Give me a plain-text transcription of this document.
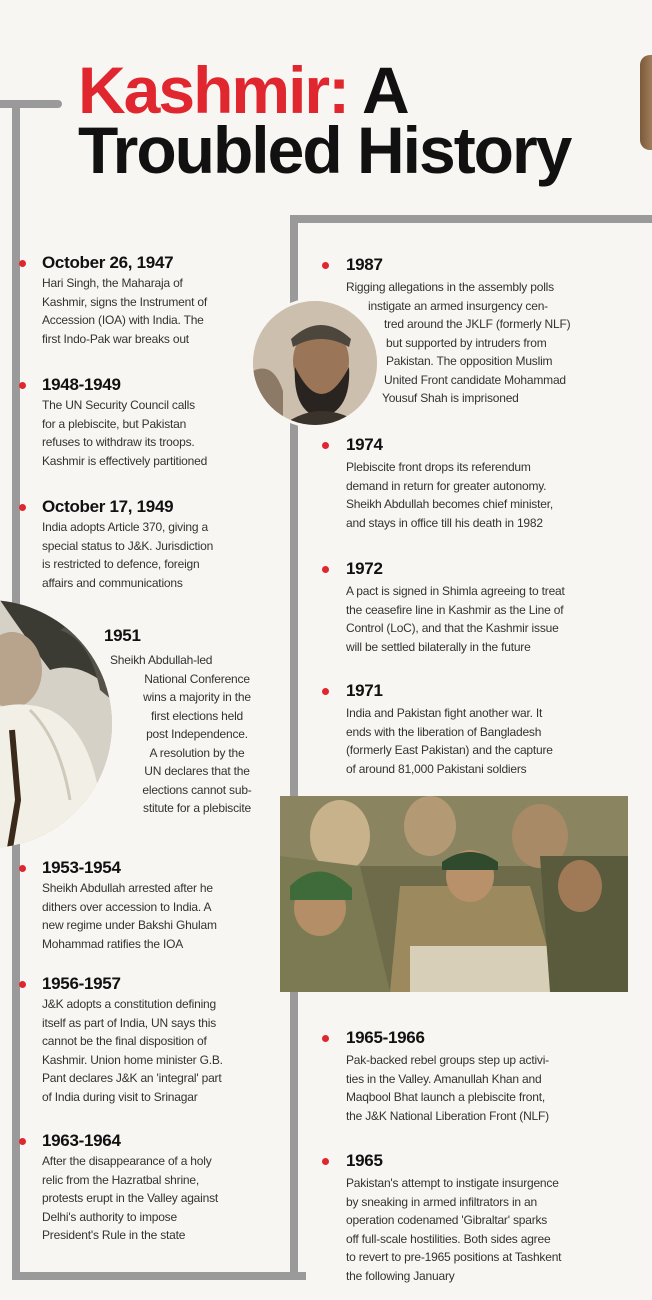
Kashmir: A
Troubled History
October 26, 1947
Hari Singh, the Maharaja of
Kashmir, signs the Instrument of
Accession (IOA) with India. The
first Indo-Pak war breaks out
1948-1949
The UN Security Council calls
for a plebiscite, but Pakistan
refuses to withdraw its troops.
Kashmir is effectively partitioned
October 17, 1949
India adopts Article 370, giving a
special status to J&K. Jurisdiction
is restricted to defence, foreign
affairs and communications
1951
Sheikh Abdullah-led
National Conference
wins a majority in the
first elections held
post Independence.
A resolution by the
UN declares that the
elections cannot sub-
stitute for a plebiscite
1953-1954
Sheikh Abdullah arrested after he
dithers over accession to India. A
new regime under Bakshi Ghulam
Mohammad ratifies the IOA
1956-1957
J&K adopts a constitution defining
itself as part of India, UN says this
cannot be the final disposition of
Kashmir. Union home minister G.B.
Pant declares J&K an 'integral' part
of India during visit to Srinagar
1963-1964
After the disappearance of a holy
relic from the Hazratbal shrine,
protests erupt in the Valley against
Delhi's authority to impose
President's Rule in the state
1987
Rigging allegations in the assembly polls
instigate an armed insurgency cen-
tred around the JKLF (formerly NLF)
but supported by intruders from
Pakistan. The opposition Muslim
United Front candidate Mohammad
Yousuf Shah is imprisoned
1974
Plebiscite front drops its referendum
demand in return for greater autonomy.
Sheikh Abdullah becomes chief minister,
and stays in office till his death in 1982
1972
A pact is signed in Shimla agreeing to treat
the ceasefire line in Kashmir as the Line of
Control (LoC), and that the Kashmir issue
will be settled bilaterally in the future
1971
India and Pakistan fight another war. It
ends with the liberation of Bangladesh
(formerly East Pakistan) and the capture
of around 81,000 Pakistani soldiers
1965-1966
Pak-backed rebel groups step up activi-
ties in the Valley. Amanullah Khan and
Maqbool Bhat launch a plebiscite front,
the J&K National Liberation Front (NLF)
1965
Pakistan's attempt to instigate insurgence
by sneaking in armed infiltrators in an
operation codenamed 'Gibraltar' sparks
off full-scale hostilities. Both sides agree
to revert to pre-1965 positions at Tashkent
the following January
